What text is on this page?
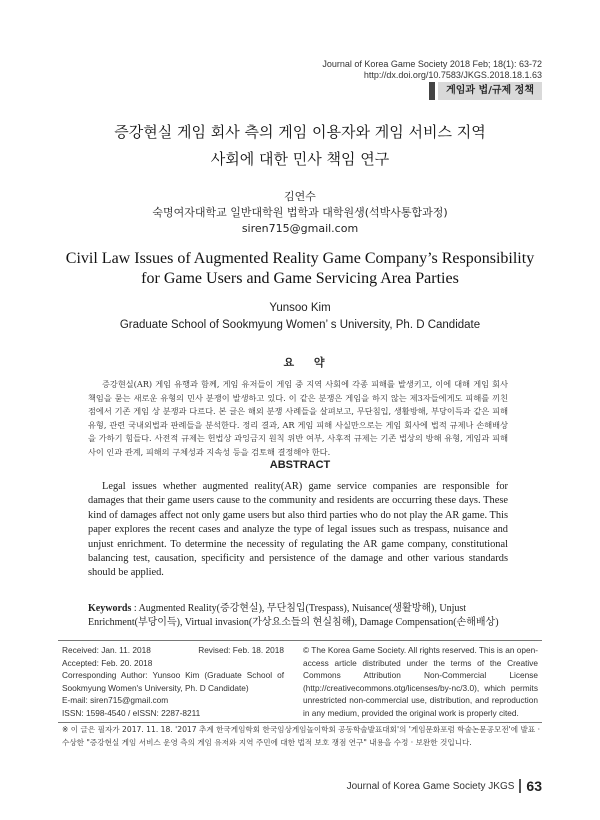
Journal of Korea Game Society 2018 Feb; 18(1): 63-72
http://dx.doi.org/10.7583/JKGS.2018.18.1.63
게임과 법/규제 정책
증강현실 게임 회사 측의 게임 이용자와 게임 서비스 지역
사회에 대한 민사 책임 연구
김연수
숙명여자대학교 일반대학원 법학과 대학원생(석박사통합과정)
siren715@gmail.com
Civil Law Issues of Augmented Reality Game Company’s Responsibility
for Game Users and Game Servicing Area Parties
Yunsoo Kim
Graduate School of Sookmyung Women’ s University, Ph. D Candidate
요 약
증강현실(AR) 게임 유행과 함께, 게임 유저들이 게임 중 지역 사회에 각종 피해를 발생키고, 이에 대해 게임 회사 책임을 묻는 새로운 유형의 민사 분쟁이 발생하고 있다. 이 같은 분쟁은 게임을 하지 않는 제3자들에게도 피해를 끼친 점에서 기존 게임 상 분쟁과 다르다. 본 글은 해외 분쟁 사례들을 살펴보고, 무단침입, 생활방해, 부당이득과 같은 피해 유형, 관련 국내외법과 판례들을 분석한다. 정리 결과, AR 게임 피해 사실만으로는 게임 회사에 법적 규제나 손해배상을 가하기 힘들다. 사전적 규제는 헌법상 과잉금지 원칙 위반 여부, 사후적 규제는 기존 법상의 방해 유형, 게임과 피해 사이 인과 관계, 피해의 구체성과 지속성 등을 검토해 결정해야 한다.
ABSTRACT
Legal issues whether augmented reality(AR) game service companies are responsible for damages that their game users cause to the community and residents are occurring these days. These kind of damages affect not only game users but also third parties who do not play the AR game. This paper explores the recent cases and analyze the type of legal issues such as trespass, nuisance and unjust enrichment. To determine the necessity of regulating the AR game company, constitutional balancing test, causation, specificity and persistence of the damage and other various standards should be applied.
Keywords : Augmented Reality(증강현실), 무단침입(Trespass), Nuisance(생활방해), Unjust Enrichment(부당이득), Virtual invasion(가상요소들의 현실침해), Damage Compensation(손해배상)
Received: Jan. 11. 2018	Revised: Feb. 18. 2018
Accepted: Feb. 20. 2018
Corresponding Author: Yunsoo Kim (Graduate School of Sookmyung Women's University, Ph. D Candidate)
E-mail: siren715@gmail.com
ISSN: 1598-4540 / eISSN: 2287-8211
© The Korea Game Society. All rights reserved. This is an open-access article distributed under the terms of the Creative Commons Attribution Non-Commercial License (http://creativecommons.otg/licenses/by-nc/3.0), which permits unrestricted non-commercial use, distribution, and reproduction in any medium, provided the original work is properly cited.
※ 이 글은 필자가 2017. 11. 18. '2017 추계 한국게임학회 한국임상게임놀이학회 공동학술발표대회'의 '게임문화포럼 학술논문공모전'에 발표 · 수상한 "증강현실 게임 서비스 운영 측의 게임 유저와 지역 주민에 대한 법적 보호 쟁점 연구" 내용을 수정 · 보완한 것입니다.
Journal of Korea Game Society JKGS 63
